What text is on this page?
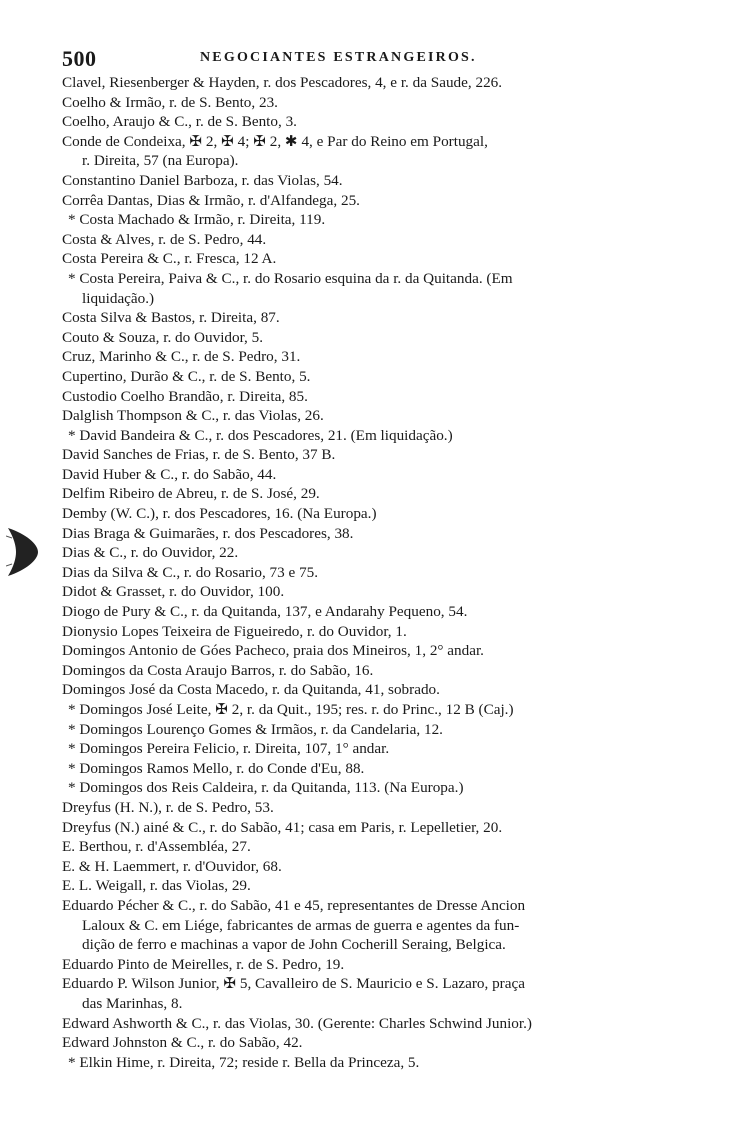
500	NEGOCIANTES ESTRANGEIROS.
Clavel, Riesenberger & Hayden, r. dos Pescadores, 4, e r. da Saude, 226.
Coelho & Irmão, r. de S. Bento, 23.
Coelho, Araujo & C., r. de S. Bento, 3.
Conde de Condeixa, ✠ 2, ✠ 4; ✠ 2, ✱ 4, e Par do Reino em Portugal,
r. Direita, 57 (na Europa).
Constantino Daniel Barboza, r. das Violas, 54.
Corrêa Dantas, Dias & Irmão, r. d'Alfandega, 25.
* Costa Machado & Irmão, r. Direita, 119.
Costa & Alves, r. de S. Pedro, 44.
Costa Pereira & C., r. Fresca, 12 A.
* Costa Pereira, Paiva & C., r. do Rosario esquina da r. da Quitanda. (Em
liquidação.)
Costa Silva & Bastos, r. Direita, 87.
Couto & Souza, r. do Ouvidor, 5.
Cruz, Marinho & C., r. de S. Pedro, 31.
Cupertino, Durão & C., r. de S. Bento, 5.
Custodio Coelho Brandão, r. Direita, 85.
Dalglish Thompson & C., r. das Violas, 26.
* David Bandeira & C., r. dos Pescadores, 21. (Em liquidação.)
David Sanches de Frias, r. de S. Bento, 37 B.
David Huber & C., r. do Sabão, 44.
Delfim Ribeiro de Abreu, r. de S. José, 29.
Demby (W. C.), r. dos Pescadores, 16. (Na Europa.)
Dias Braga & Guimarães, r. dos Pescadores, 38.
Dias & C., r. do Ouvidor, 22.
Dias da Silva & C., r. do Rosario, 73 e 75.
Didot & Grasset, r. do Ouvidor, 100.
Diogo de Pury & C., r. da Quitanda, 137, e Andarahy Pequeno, 54.
Dionysio Lopes Teixeira de Figueiredo, r. do Ouvidor, 1.
Domingos Antonio de Góes Pacheco, praia dos Mineiros, 1, 2° andar.
Domingos da Costa Araujo Barros, r. do Sabão, 16.
Domingos José da Costa Macedo, r. da Quitanda, 41, sobrado.
* Domingos José Leite, ✠ 2, r. da Quit., 195; res. r. do Princ., 12 B (Caj.)
* Domingos Lourenço Gomes & Irmãos, r. da Candelaria, 12.
* Domingos Pereira Felicio, r. Direita, 107, 1° andar.
* Domingos Ramos Mello, r. do Conde d'Eu, 88.
* Domingos dos Reis Caldeira, r. da Quitanda, 113. (Na Europa.)
Dreyfus (H. N.), r. de S. Pedro, 53.
Dreyfus (N.) ainé & C., r. do Sabão, 41; casa em Paris, r. Lepelletier, 20.
E. Berthou, r. d'Assembléa, 27.
E. & H. Laemmert, r. d'Ouvidor, 68.
E. L. Weigall, r. das Violas, 29.
Eduardo Pécher & C., r. do Sabão, 41 e 45, representantes de Dresse Ancion
Laloux & C. em Liége, fabricantes de armas de guerra e agentes da fun-
dição de ferro e machinas a vapor de John Cocherill Seraing, Belgica.
Eduardo Pinto de Meirelles, r. de S. Pedro, 19.
Eduardo P. Wilson Junior, ✠ 5, Cavalleiro de S. Mauricio e S. Lazaro, praça
das Marinhas, 8.
Edward Ashworth & C., r. das Violas, 30. (Gerente: Charles Schwind Junior.)
Edward Johnston & C., r. do Sabão, 42.
* Elkin Hime, r. Direita, 72; reside r. Bella da Princeza, 5.
